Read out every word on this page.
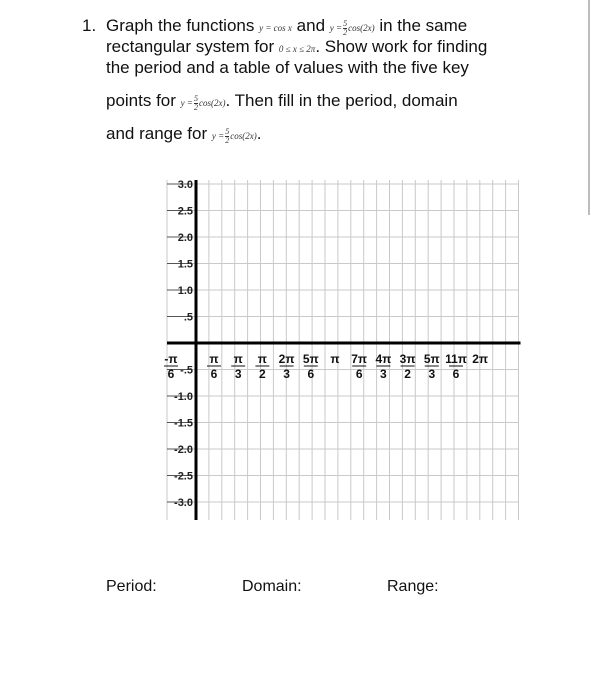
1. Graph the functions y = cos x and $y = \frac{5}{2} \cos(2x)$ in the same
rectangular system for 0 ≤ x ≤ 2π. Show work for finding
the period and a table of values with the five key
points for $y = \frac{5}{2} \cos(2x)$. Then fill in the period, domain
and range for $y = \frac{5}{2} \cos(2x)$.
3.0
2.5
2.0
1.5
1.0
.5
-.5
-1.0
-1.5
-2.0
-2.5
-3.0
-π
6
π
6
π
3
π
2
2π
3
5π
6
π 7π
6
4π
3
3π
2
5π
3
11π
6
2π
Period:	Domain:	Range:
